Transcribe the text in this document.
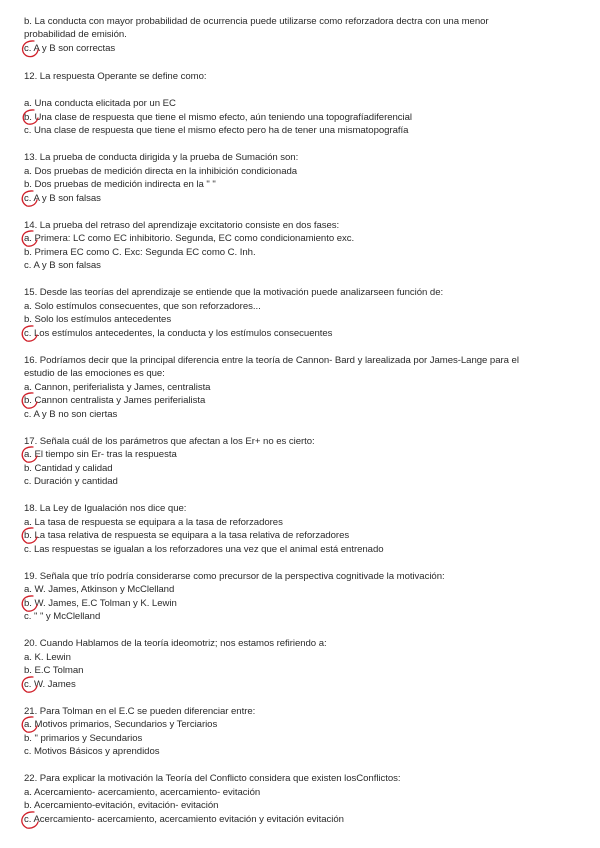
b. La conducta con mayor probabilidad de ocurrencia puede utilizarse como reforzadora dectra con una menor
probabilidad de emisión.
c. A y B son correctas
12. La respuesta Operante se define como:
a. Una conducta elicitada por un EC
b. Una clase de respuesta que tiene el mismo efecto, aún teniendo una topografíadiferencial
c. Una clase de respuesta que tiene el mismo efecto pero ha de tener una mismatopografía
13. La prueba de conducta dirigida y la prueba de Sumación son:
a. Dos pruebas de medición directa en la inhibición condicionada
b. Dos pruebas de medición indirecta en la " "
c. A y B son falsas
14. La prueba del retraso del aprendizaje excitatorio consiste en dos fases:
a. Primera: LC como EC inhibitorio. Segunda, EC como condicionamiento exc.
b. Primera EC como C. Exc: Segunda EC como C. Inh.
c. A y B son falsas
15. Desde las teorías del aprendizaje se entiende que la motivación puede analizarseen función de:
a. Solo estímulos consecuentes, que son reforzadores...
b. Solo los estímulos antecedentes
c. Los estímulos antecedentes, la conducta y los estímulos consecuentes
16. Podríamos decir que la principal diferencia entre la teoría de Cannon- Bard y larealizada por James-Lange para el
estudio de las emociones es que:
a. Cannon, periferialista y James, centralista
b. Cannon centralista y James periferialista
c. A y B no son ciertas
17. Señala cuál de los parámetros que afectan a los Er+ no es cierto:
a. El tiempo sin Er- tras la respuesta
b. Cantidad y calidad
c. Duración y cantidad
18. La Ley de Igualación nos dice que:
a. La tasa de respuesta se equipara a la tasa de reforzadores
b. La tasa relativa de respuesta se equipara a la tasa relativa de reforzadores
c. Las respuestas se igualan a los reforzadores una vez que el animal está entrenado
19. Señala que trío podría considerarse como precursor de la perspectiva cognitivade la motivación:
a. W. James, Atkinson y McClelland
b. W. James, E.C Tolman y K. Lewin
c. " " y McClelland
20. Cuando Hablamos de la teoría ideomotriz; nos estamos refiriendo a:
a. K. Lewin
b. E.C Tolman
c. W. James
21. Para Tolman en el E.C se pueden diferenciar entre:
a. Motivos primarios, Secundarios y Terciarios
b. " primarios y Secundarios
c. Motivos Básicos y aprendidos
22. Para explicar la motivación la Teoría del Conflicto considera que existen losConflictos:
a. Acercamiento- acercamiento, acercamiento- evitación
b. Acercamiento-evitación, evitación- evitación
c. Acercamiento- acercamiento, acercamiento evitación y evitación evitación
